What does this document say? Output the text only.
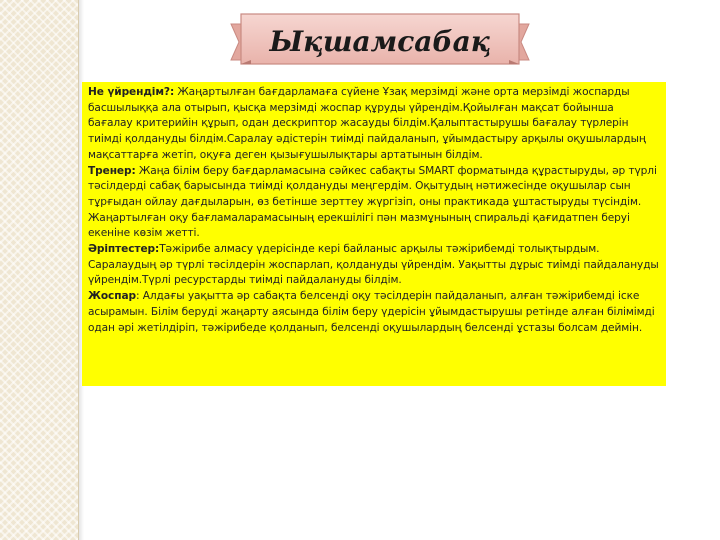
Ықшамсабақ

Не үйрендім?: Жаңартылған бағдарламаға сүйене Ұзақ мерзімді және орта мерзімді жоспарды басшылыққа ала отырып, қысқа мерзімді жоспар құруды үйрендім.Қойылған мақсат бойынша бағалау критерийін құрып, одан дескриптор жасауды білдім.Қалыптастырушы бағалау түрлерін тиімді қолдануды білдім.Саралау әдістерін тиімді пайдаланып, ұйымдастыру арқылы оқушылардың мақсаттарға жетіп, оқуға деген қызығушылықтары артатынын білдім.

Тренер: Жаңа білім беру бағдарламасына сәйкес сабақты SMART форматында құрастыруды, әр түрлі тәсілдерді сабақ барысында тиімді қолдануды меңгердім. Оқытудың нәтижесінде оқушылар сын тұрғыдан ойлау дағдыларын, өз бетінше зерттеу жүргізіп, оны практикада ұштастыруды түсіндім. Жаңартылған оқу бағламаларамасының ерекшілігі пән мазмұнының спиральді қағидатпен беруі екеніне көзім жетті.

Әріптестер:Тәжірибе алмасу үдерісінде кері байланыс арқылы тәжірибемді толықтырдым. Саралаудың әр түрлі тәсілдерін жоспарлап, қолдануды үйрендім. Уақытты дұрыс тиімді пайдалануды үйрендім.Түрлі ресурстарды тиімді пайдалануды білдім.

Жоспар: Алдағы уақытта әр сабақта белсенді оқу тәсілдерін пайдаланып, алған тәжірибемді іске асырамын. Білім беруді жаңарту аясында білім беру үдерісін ұйымдастырушы ретінде алған білімімді одан әрі жетілдіріп, тәжірибеде қолданып, белсенді оқушылардың белсенді ұстазы болсам деймін.
